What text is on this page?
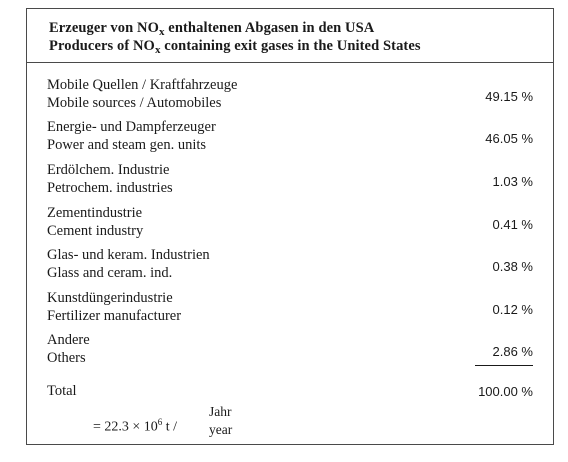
Erzeuger von $NO_x$ enthaltenen Abgasen in den USA
Producers of $NO_x$ containing exit gases in the United States
Mobile Quellen / Kraftfahrzeuge
Mobile sources / Automobiles	49.15 %
Energie- und Dampferzeuger
Power and steam gen. units	46.05 %
Erdölchem. Industrie
Petrochem. industries	1.03 %
Zementindustrie
Cement industry	0.41 %
Glas- und keram. Industrien
Glass and ceram. ind.	0.38 %
Kunstdüngerindustrie
Fertilizer manufacturer	0.12 %
Andere
Others	2.86 %
Total	100.00 %
= $22.3 \times 10^6$ t /
Jahr
year
